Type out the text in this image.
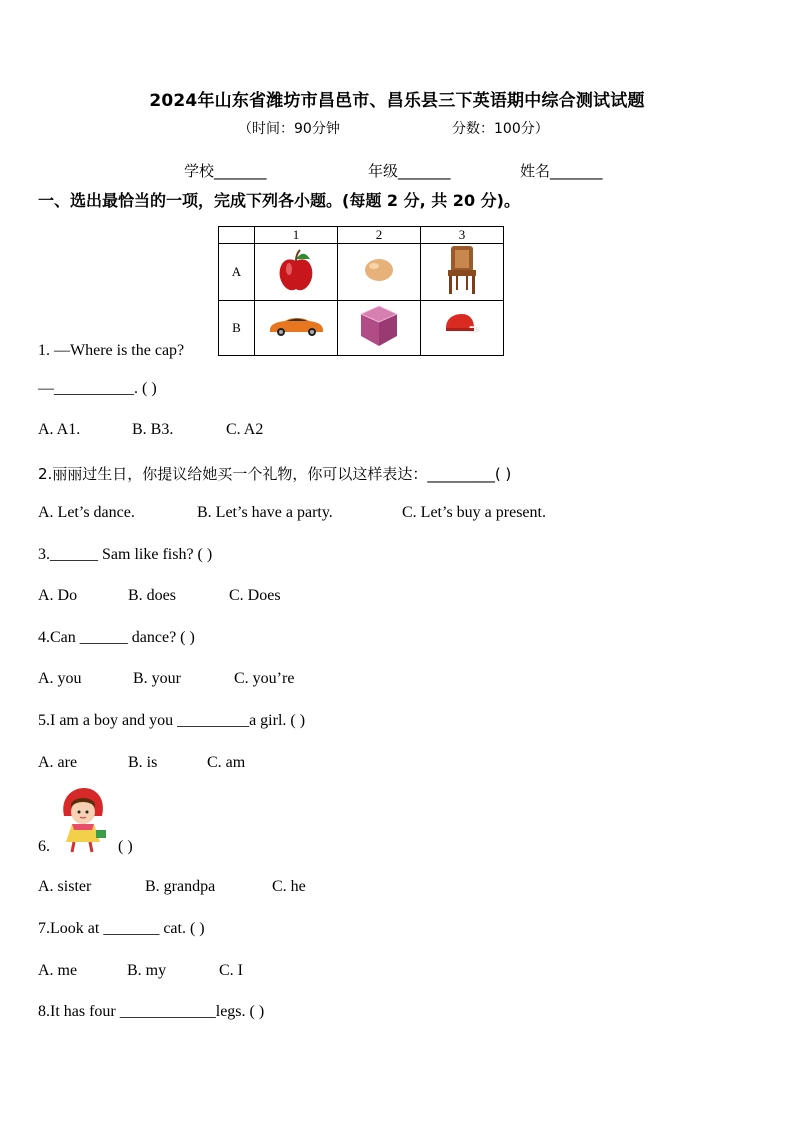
2024年山东省潍坊市昌邑市、昌乐县三下英语期中综合测试试题
（时间：90分钟	分数：100分）
学校_______	年级_______	姓名_______
一、选出最恰当的一项，完成下列各小题。(每题 2 分, 共 20 分)。
	1	2	3
A			
B			
1. —Where is the cap?
—__________. ( )
A. A1.	B. B3.	C. A2
2.丽丽过生日，你提议给她买一个礼物，你可以这样表达：_________( )
A. Let’s dance.	B. Let’s have a party.	C. Let’s buy a present.
3.______ Sam like fish? ( )
A. Do	B. does	C. Does
4.Can ______ dance? ( )
A. you	B. your	C. you’re
5.I am a boy and you _________a girl. ( )
A. are	B. is	C. am
6.	( )
A. sister	B. grandpa	C. he
7.Look at _______ cat. ( )
A. me	B. my	C. I
8.It has four ____________legs. ( )
